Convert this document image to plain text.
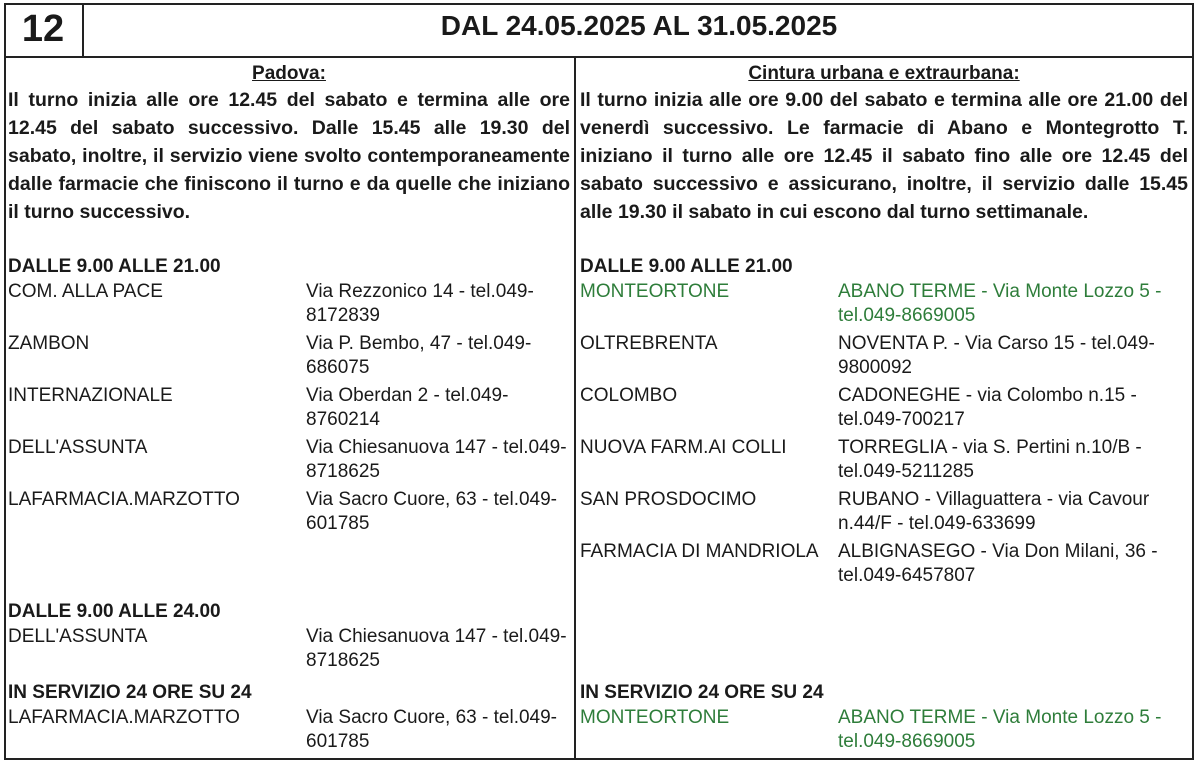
12	DAL 24.05.2025 AL 31.05.2025
Padova:

Il turno inizia alle ore 12.45 del sabato e termina alle ore 12.45 del sabato successivo. Dalle 15.45 alle 19.30 del sabato, inoltre, il servizio viene svolto contemporaneamente dalle farmacie che finiscono il turno e da quelle che iniziano il turno successivo.

DALLE 9.00 ALLE 21.00
COM. ALLA PACE	Via Rezzonico 14 - tel.049-8172839
ZAMBON	Via P. Bembo, 47 - tel.049-686075
INTERNAZIONALE	Via Oberdan 2 - tel.049-8760214
DELL'ASSUNTA	Via Chiesanuova 147 - tel.049-8718625
LAFARMACIA.MARZOTTO	Via Sacro Cuore, 63 - tel.049-601785
DALLE 9.00 ALLE 24.00
DELL'ASSUNTA	Via Chiesanuova 147 - tel.049-8718625
IN SERVIZIO 24 ORE SU 24
LAFARMACIA.MARZOTTO	Via Sacro Cuore, 63 - tel.049-601785
Cintura urbana e extraurbana:

Il turno inizia alle ore 9.00 del sabato e termina alle ore 21.00 del venerdì successivo. Le farmacie di Abano e Montegrotto T. iniziano il turno alle ore 12.45 il sabato fino alle ore 12.45 del sabato successivo e assicurano, inoltre, il servizio dalle 15.45 alle 19.30 il sabato in cui escono dal turno settimanale.

DALLE 9.00 ALLE 21.00
MONTEORTONE	ABANO TERME - Via Monte Lozzo 5 - tel.049-8669005
OLTREBRENTA	NOVENTA P. - Via Carso 15 - tel.049-9800092
COLOMBO	CADONEGHE - via Colombo n.15 - tel.049-700217
NUOVA FARM.AI COLLI	TORREGLIA - via S. Pertini n.10/B - tel.049-5211285
SAN PROSDOCIMO	RUBANO - Villaguattera - via Cavour n.44/F - tel.049-633699
FARMACIA DI MANDRIOLA	ALBIGNASEGO - Via Don Milani, 36 - tel.049-6457807
IN SERVIZIO 24 ORE SU 24
MONTEORTONE	ABANO TERME - Via Monte Lozzo 5 - tel.049-8669005
